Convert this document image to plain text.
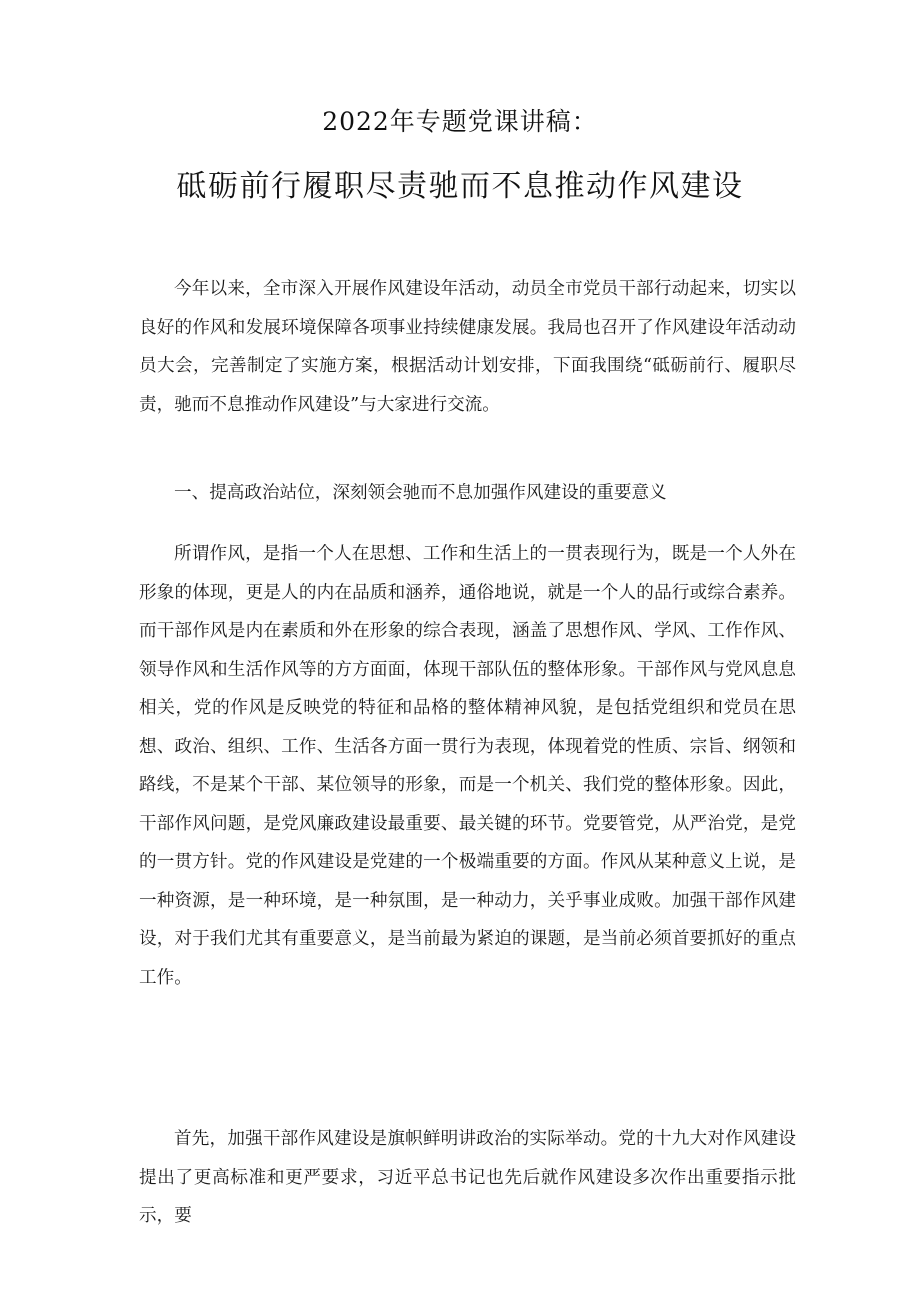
2022年专题党课讲稿：
砥砺前行履职尽责驰而不息推动作风建设

今年以来，全市深入开展作风建设年活动，动员全市党员干部行动起来，切实以良好的作风和发展环境保障各项事业持续健康发展。我局也召开了作风建设年活动动员大会，完善制定了实施方案，根据活动计划安排，下面我围绕“砥砺前行、履职尽责，驰而不息推动作风建设”与大家进行交流。

一、提高政治站位，深刻领会驰而不息加强作风建设的重要意义

所谓作风，是指一个人在思想、工作和生活上的一贯表现行为，既是一个人外在形象的体现，更是人的内在品质和涵养，通俗地说，就是一个人的品行或综合素养。而干部作风是内在素质和外在形象的综合表现，涵盖了思想作风、学风、工作作风、领导作风和生活作风等的方方面面，体现干部队伍的整体形象。干部作风与党风息息相关，党的作风是反映党的特征和品格的整体精神风貌，是包括党组织和党员在思想、政治、组织、工作、生活各方面一贯行为表现，体现着党的性质、宗旨、纲领和路线，不是某个干部、某位领导的形象，而是一个机关、我们党的整体形象。因此，干部作风问题，是党风廉政建设最重要、最关键的环节。党要管党，从严治党，是党的一贯方针。党的作风建设是党建的一个极端重要的方面。作风从某种意义上说，是一种资源，是一种环境，是一种氛围，是一种动力，关乎事业成败。加强干部作风建设，对于我们尤其有重要意义，是当前最为紧迫的课题，是当前必须首要抓好的重点工作。

首先，加强干部作风建设是旗帜鲜明讲政治的实际举动。党的十九大对作风建设提出了更高标准和更严要求，习近平总书记也先后就作风建设多次作出重要指示批示，要
